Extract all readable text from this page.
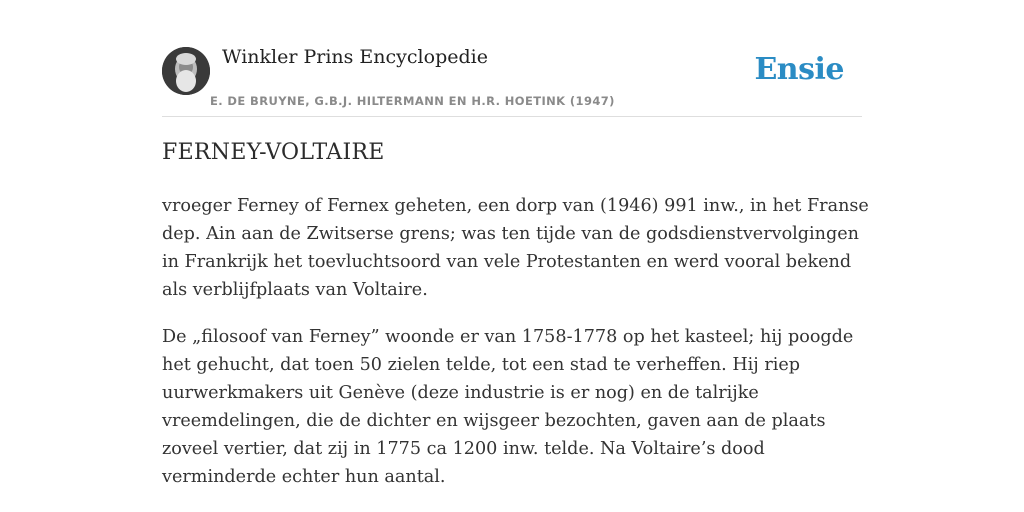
Winkler Prins Encyclopedie
E. DE BRUYNE, G.B.J. HILTERMANN EN H.R. HOETINK (1947)
Ensie
FERNEY-VOLTAIRE

vroeger Ferney of Fernex geheten, een dorp van (1946) 991 inw., in het Franse dep. Ain aan de Zwitserse grens; was ten tijde van de godsdienstvervolgingen in Frankrijk het toevluchtsoord van vele Protestanten en werd vooral bekend als verblijfplaats van Voltaire.

De „filosoof van Ferney” woonde er van 1758-1778 op het kasteel; hij poogde het gehucht, dat toen 50 zielen telde, tot een stad te verheffen. Hij riep uurwerkmakers uit Genève (deze industrie is er nog) en de talrijke vreemdelingen, die de dichter en wijsgeer bezochten, gaven aan de plaats zoveel vertier, dat zij in 1775 ca 1200 inw. telde. Na Voltaire’s dood verminderde echter hun aantal.
